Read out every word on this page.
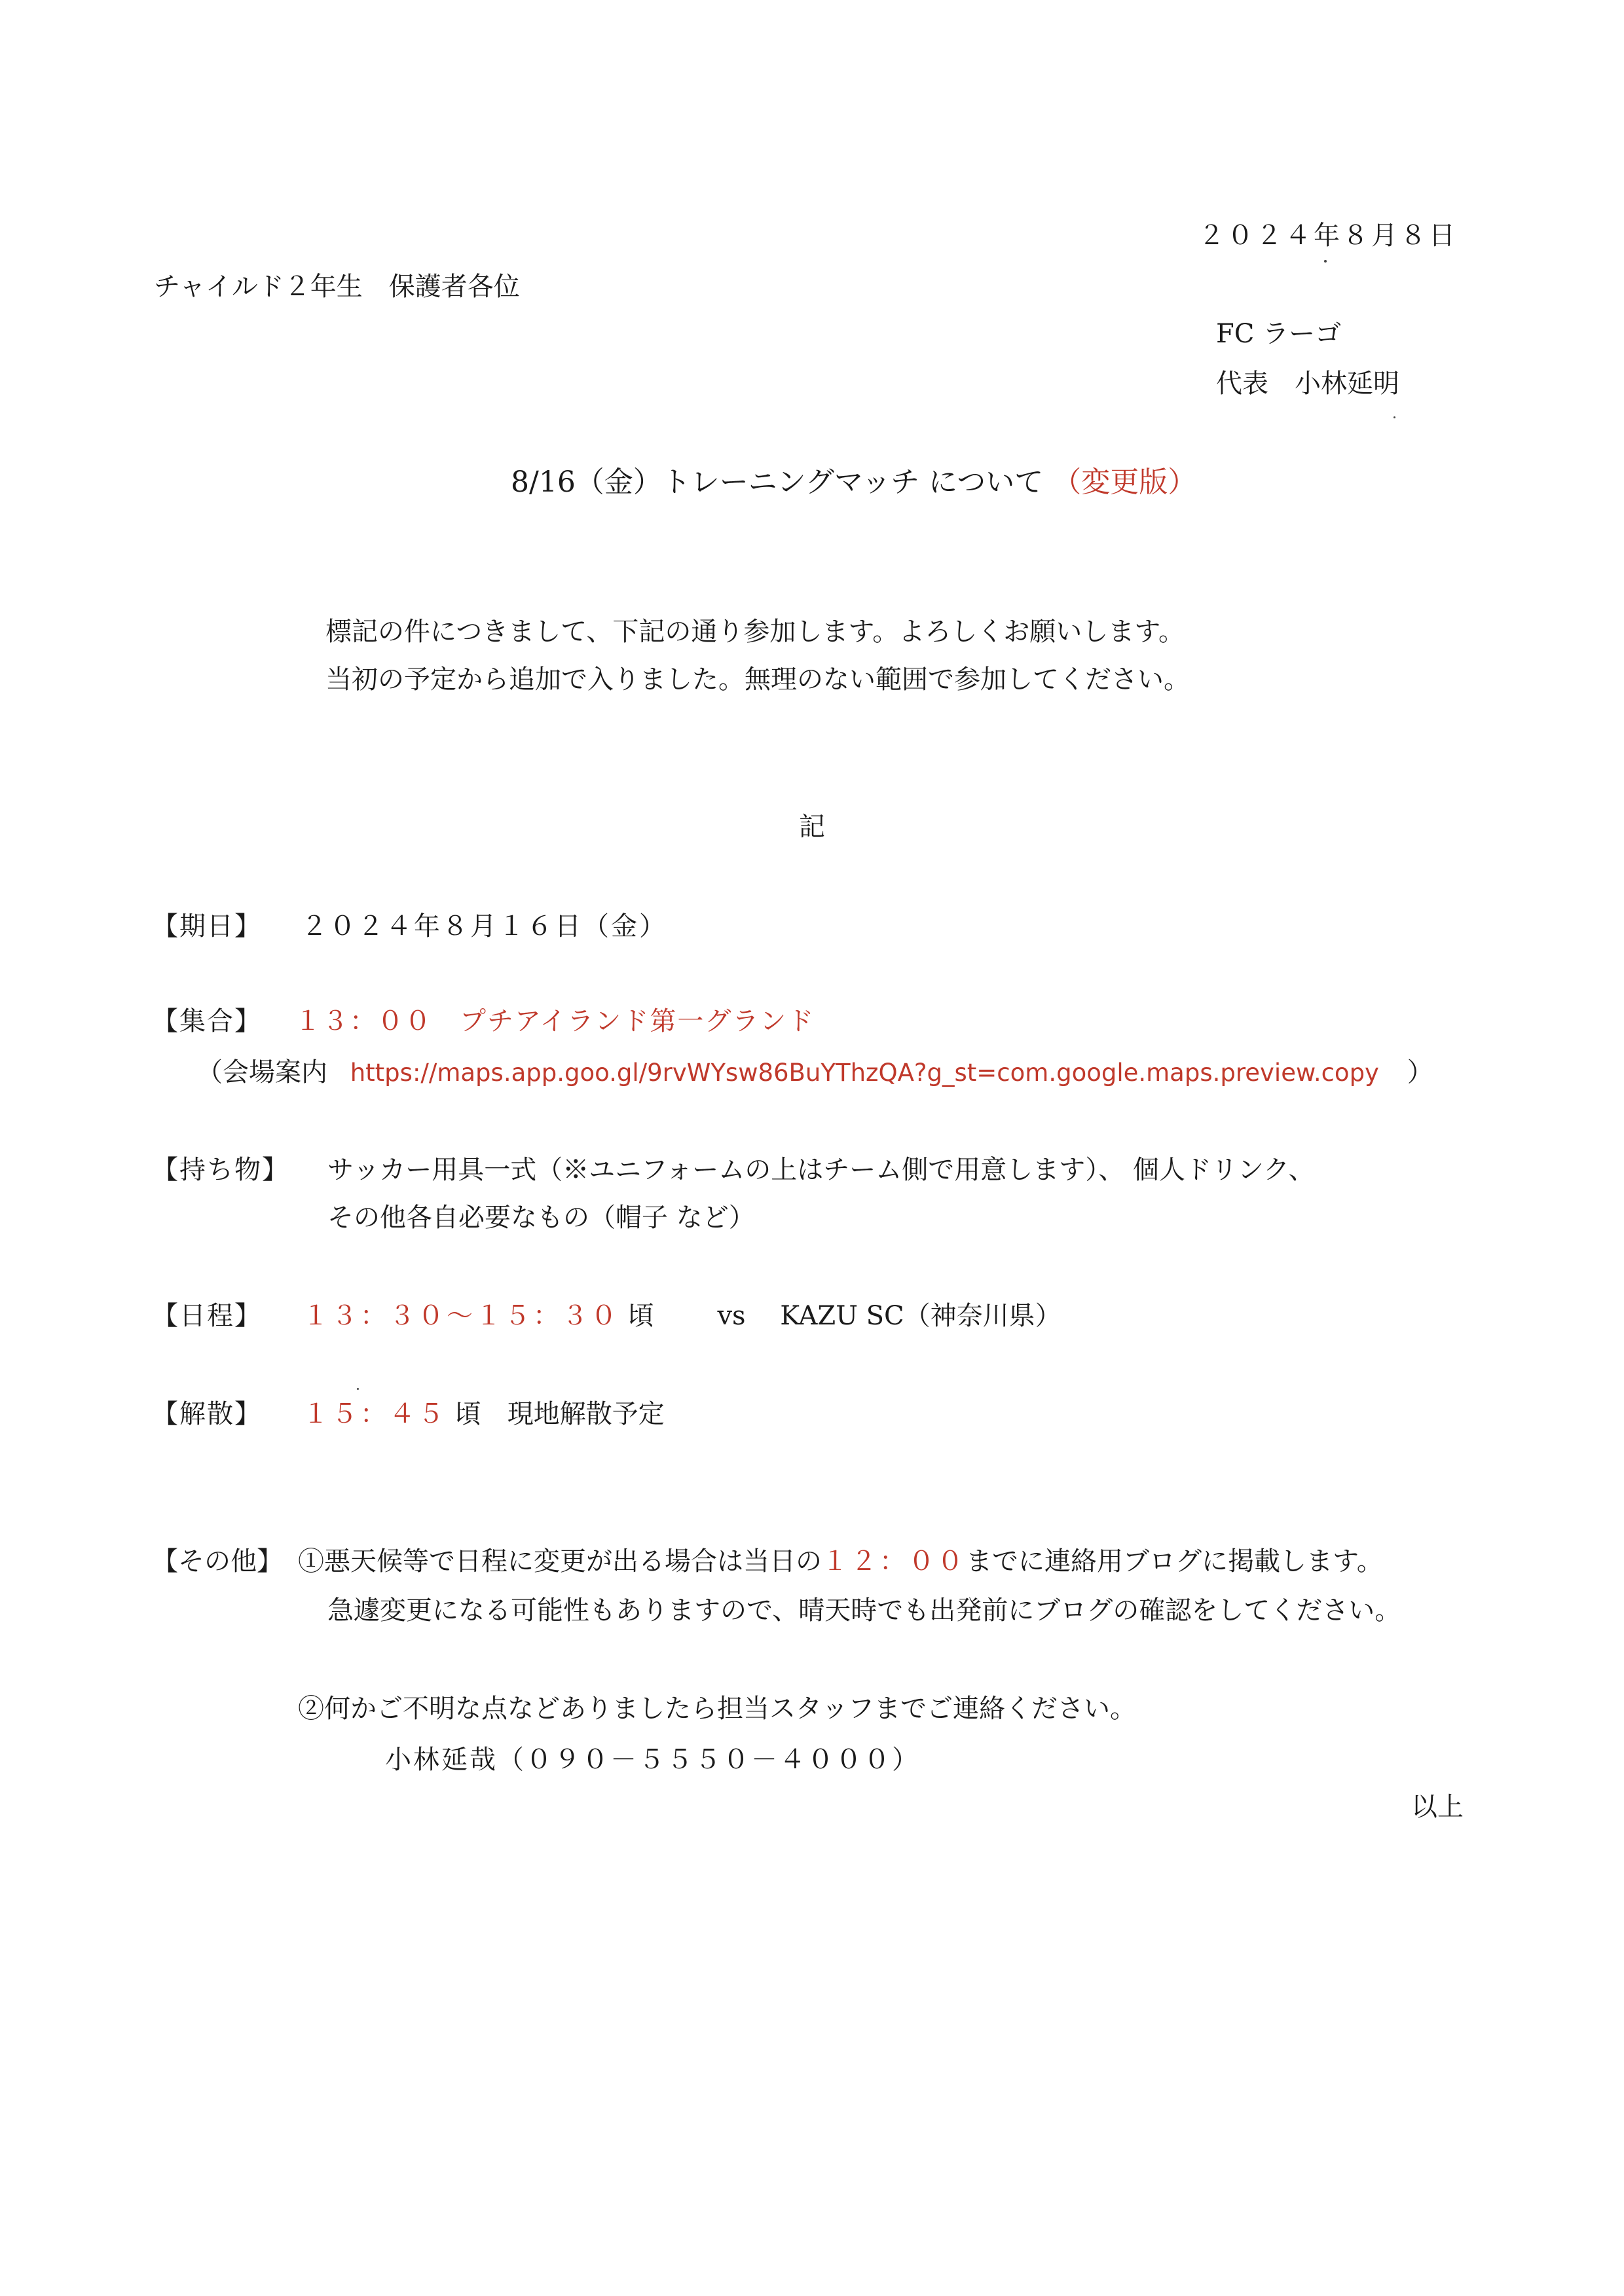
２０２４年８月８日
チャイルド２年生　保護者各位
FC ラーゴ
代表　小林延明
8/16（金）トレーニングマッチ について （変更版）
標記の件につきまして、下記の通り参加します。よろしくお願いします。
当初の予定から追加で入りました。無理のない範囲で参加してください。
記
【期日】 ２０２４年８月１６日（金）
【集合】 １３：００　プチアイランド第一グランド
（会場案内 https://maps.app.goo.gl/9rvWYsw86BuYThzQA?g_st=com.google.maps.preview.copy ）
【持ち物】 サッカー用具一式（※ユニフォームの上はチーム側で用意します）、 個人ドリンク、
その他各自必要なもの（帽子 など）
【日程】 １３：３０～１５：３０ 頃 vs KAZU SC（神奈川県）
【解散】 １５：４５ 頃　現地解散予定
【その他】 ①悪天候等で日程に変更が出る場合は当日の１２：００までに連絡用ブログに掲載します。
急遽変更になる可能性もありますので、晴天時でも出発前にブログの確認をしてください。
②何かご不明な点などありましたら担当スタッフまでご連絡ください。
小林延哉（０９０－５５５０－４０００）
以上
